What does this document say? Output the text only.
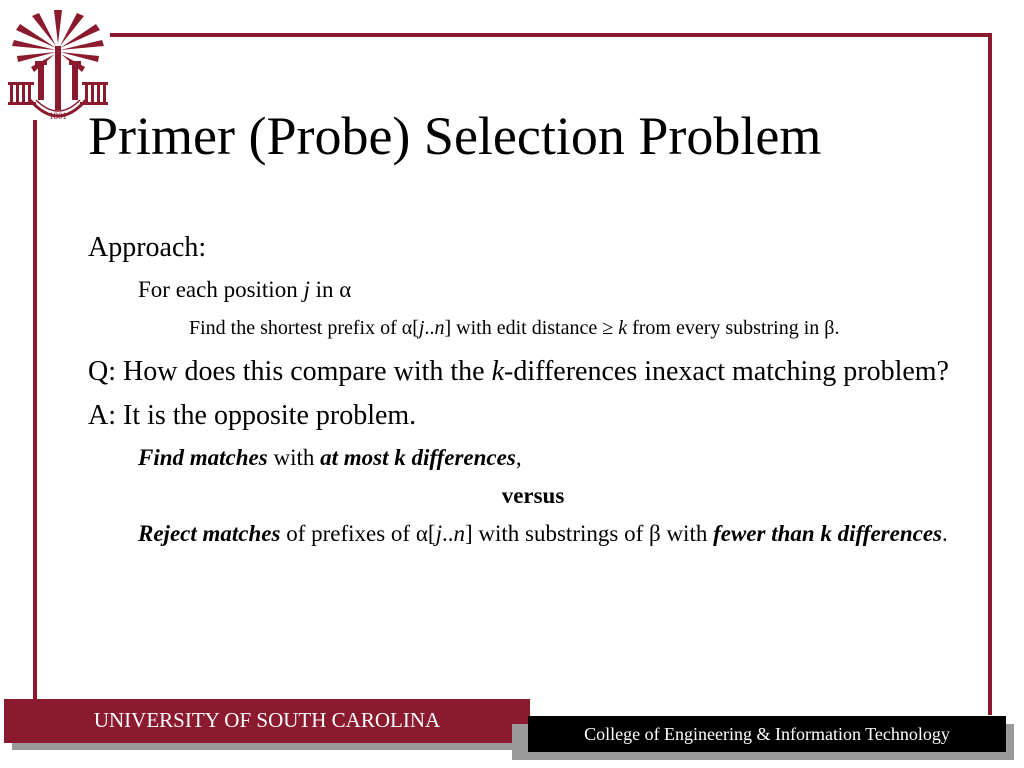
1801 Primer (Probe) Selection Problem
Approach:
For each position j in α
Find the shortest prefix of α[j..n] with edit distance ≥ k from every substring in β.
Q: How does this compare with the k-differences inexact matching problem?
A: It is the opposite problem.
Find matches with at most k differences,
versus
Reject matches of prefixes of α[j..n] with substrings of β with fewer than k differences.
UNIVERSITY OF SOUTH CAROLINA
College of Engineering & Information Technology
